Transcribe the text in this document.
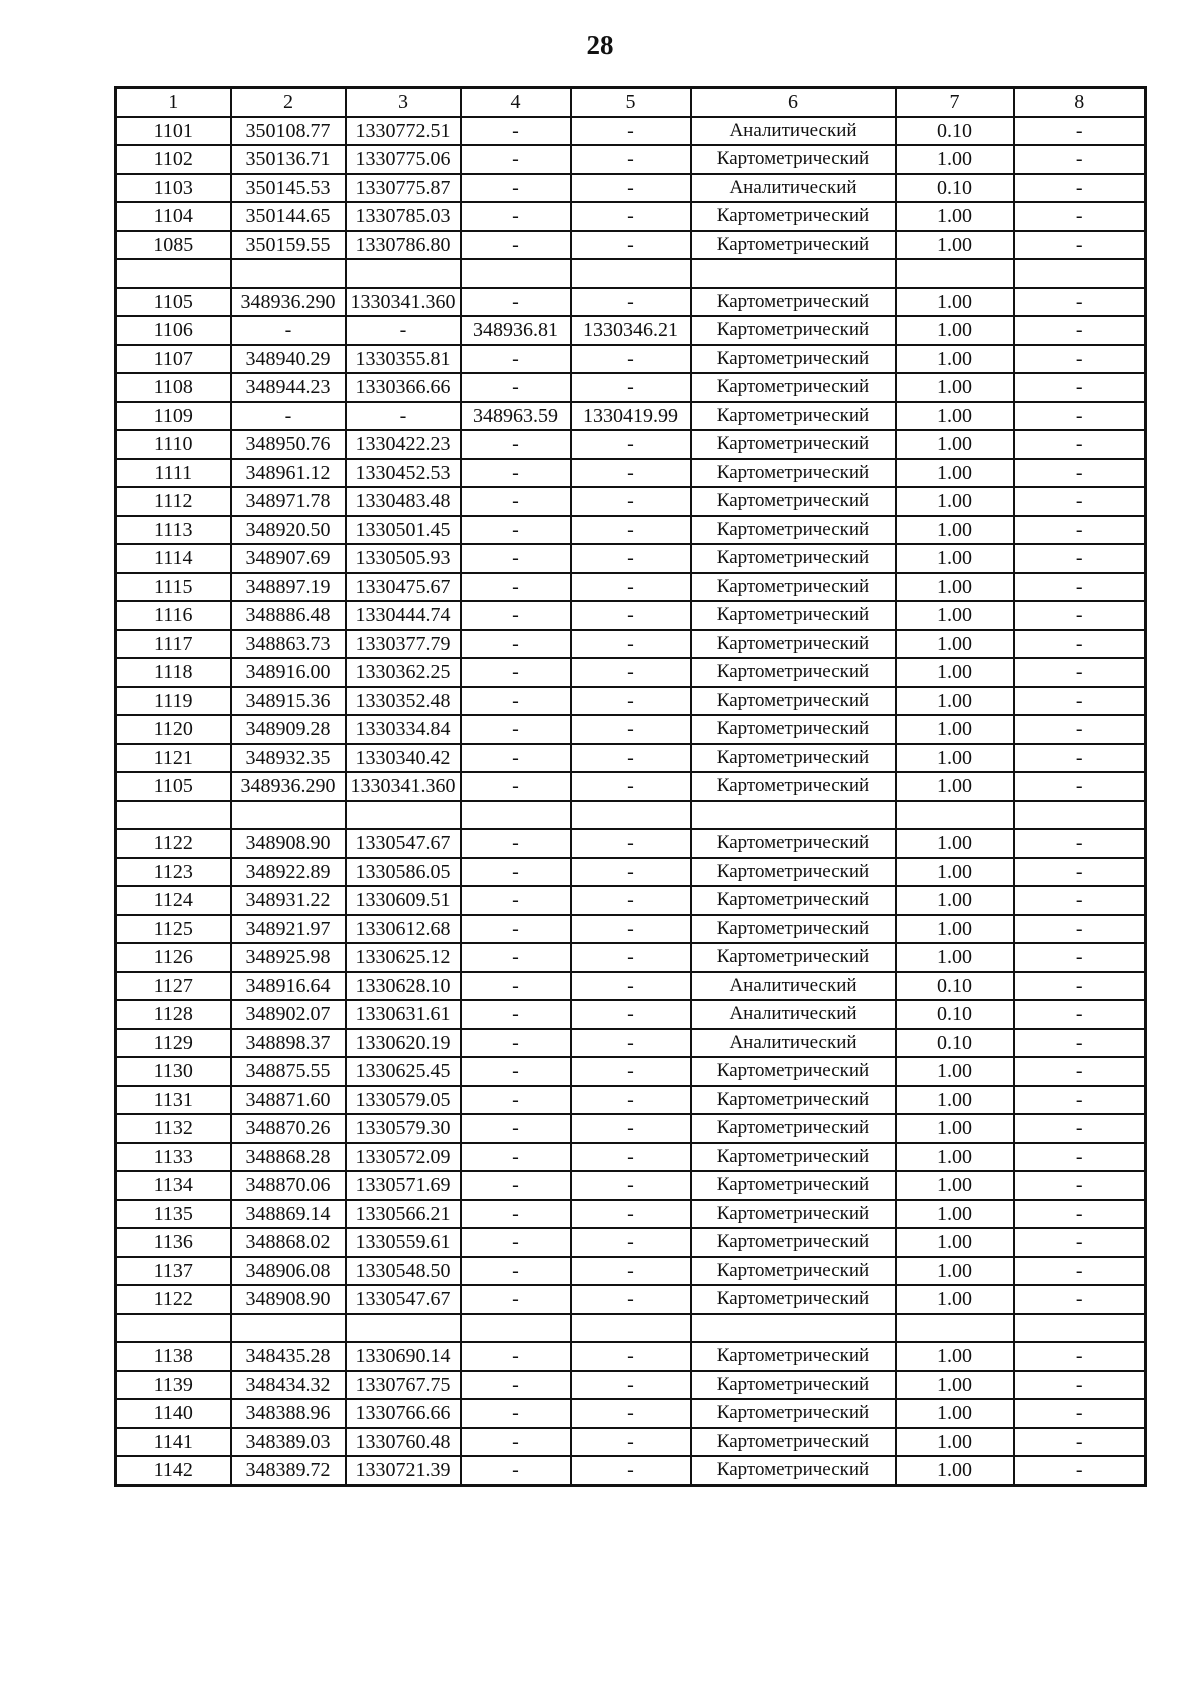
28
1	2	3	4	5	6	7	8
1101	350108.77	1330772.51	-	-	Аналитический	0.10	-
1102	350136.71	1330775.06	-	-	Картометрический	1.00	-
1103	350145.53	1330775.87	-	-	Аналитический	0.10	-
1104	350144.65	1330785.03	-	-	Картометрический	1.00	-
1085	350159.55	1330786.80	-	-	Картометрический	1.00	-

1105	348936.290	1330341.360	-	-	Картометрический	1.00	-
1106	-	-	348936.81	1330346.21	Картометрический	1.00	-
1107	348940.29	1330355.81	-	-	Картометрический	1.00	-
1108	348944.23	1330366.66	-	-	Картометрический	1.00	-
1109	-	-	348963.59	1330419.99	Картометрический	1.00	-
1110	348950.76	1330422.23	-	-	Картометрический	1.00	-
1111	348961.12	1330452.53	-	-	Картометрический	1.00	-
1112	348971.78	1330483.48	-	-	Картометрический	1.00	-
1113	348920.50	1330501.45	-	-	Картометрический	1.00	-
1114	348907.69	1330505.93	-	-	Картометрический	1.00	-
1115	348897.19	1330475.67	-	-	Картометрический	1.00	-
1116	348886.48	1330444.74	-	-	Картометрический	1.00	-
1117	348863.73	1330377.79	-	-	Картометрический	1.00	-
1118	348916.00	1330362.25	-	-	Картометрический	1.00	-
1119	348915.36	1330352.48	-	-	Картометрический	1.00	-
1120	348909.28	1330334.84	-	-	Картометрический	1.00	-
1121	348932.35	1330340.42	-	-	Картометрический	1.00	-
1105	348936.290	1330341.360	-	-	Картометрический	1.00	-

1122	348908.90	1330547.67	-	-	Картометрический	1.00	-
1123	348922.89	1330586.05	-	-	Картометрический	1.00	-
1124	348931.22	1330609.51	-	-	Картометрический	1.00	-
1125	348921.97	1330612.68	-	-	Картометрический	1.00	-
1126	348925.98	1330625.12	-	-	Картометрический	1.00	-
1127	348916.64	1330628.10	-	-	Аналитический	0.10	-
1128	348902.07	1330631.61	-	-	Аналитический	0.10	-
1129	348898.37	1330620.19	-	-	Аналитический	0.10	-
1130	348875.55	1330625.45	-	-	Картометрический	1.00	-
1131	348871.60	1330579.05	-	-	Картометрический	1.00	-
1132	348870.26	1330579.30	-	-	Картометрический	1.00	-
1133	348868.28	1330572.09	-	-	Картометрический	1.00	-
1134	348870.06	1330571.69	-	-	Картометрический	1.00	-
1135	348869.14	1330566.21	-	-	Картометрический	1.00	-
1136	348868.02	1330559.61	-	-	Картометрический	1.00	-
1137	348906.08	1330548.50	-	-	Картометрический	1.00	-
1122	348908.90	1330547.67	-	-	Картометрический	1.00	-

1138	348435.28	1330690.14	-	-	Картометрический	1.00	-
1139	348434.32	1330767.75	-	-	Картометрический	1.00	-
1140	348388.96	1330766.66	-	-	Картометрический	1.00	-
1141	348389.03	1330760.48	-	-	Картометрический	1.00	-
1142	348389.72	1330721.39	-	-	Картометрический	1.00	-
